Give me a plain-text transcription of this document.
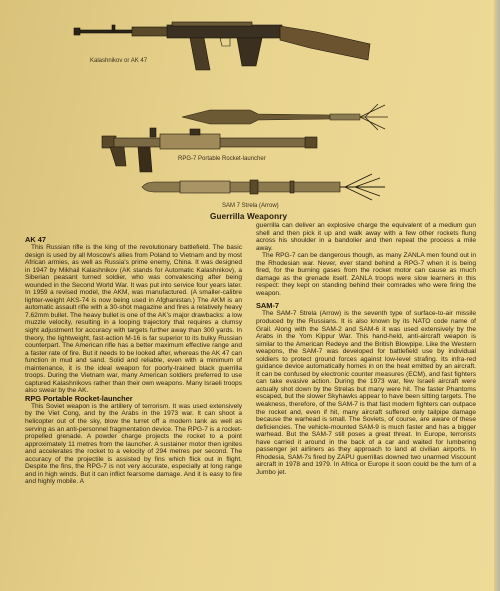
Kalashnikov or AK 47
RPG-7 Portable Rocket-launcher
SAM 7 Strela (Arrow)
Guerrilla Weaponry
AK 47

This Russian rifle is the king of the revolutionary battlefield. The basic design is used by all Moscow's allies from Poland to Vietnam and by most African armies, as well as Russia's prime enemy, China. It was designed in 1947 by Mikhail Kalashnikov (AK stands for Automatic Kalashnikov), a Siberian peasant turned soldier, who was convalescing after being wounded in the Second World War. It was put into service four years later. In 1959 a revised model, the AKM, was manufactured. (A smaller-calibre lighter-weight AKS-74 is now being used in Afghanistan.) The AKM is an automatic assault rifle with a 30-shot magazine and fires a relatively heavy 7.62mm bullet. The heavy bullet is one of the AK's major drawbacks: a low muzzle velocity, resulting in a looping trajectory that requires a clumsy sight adjustment for accuracy with targets further away than 300 yards. In theory, the lightweight, fast-action M-16 is far superior to its bulky Russian counterpart. The American rifle has a better maximum effective range and a faster rate of fire. But it needs to be looked after, whereas the AK 47 can function in mud and sand. Solid and reliable, even with a minimum of maintenance, it is the ideal weapon for poorly-trained black guerrilla troops. During the Vietnam war, many American soldiers preferred to use captured Kalashnikovs rather than their own weapons. Many Israeli troops also swear by the AK.

RPG Portable Rocket-launcher

This Soviet weapon is the artillery of terrorism. It was used extensively by the Viet Cong, and by the Arabs in the 1973 war. It can shoot a helicopter out of the sky, blow the turret off a modern tank as well as serving as an anti-personnel fragmentation device. The RPG-7 is a rocket-propelled grenade. A powder charge projects the rocket to a point approximately 11 metres from the launcher. A sustainer motor then ignites and accelerates the rocket to a velocity of 294 metres per second. The accuracy of the projectile is assisted by fins which flick out in flight. Despite the fins, the RPG-7 is not very accurate, especially at long range and in high winds. But it can inflict fearsome damage. And it is easy to fire and highly mobile. A

guerrilla can deliver an explosive charge the equivalent of a medium gun shell and then pick it up and walk away with a few other rockets flung across his shoulder in a bandolier and then repeat the process a mile away.

The RPG-7 can be dangerous though, as many ZANLA men found out in the Rhodesian war. Never, ever stand behind a RPG-7 when it is being fired, for the burning gases from the rocket motor can cause as much damage as the grenade itself. ZANLA troops were slow learners in this respect: they kept on standing behind their comrades who were firing the weapon.

SAM-7

The SAM-7 Strela (Arrow) is the seventh type of surface-to-air missile produced by the Russians. It is also known by its NATO code name of Grail. Along with the SAM-2 and SAM-6 it was used extensively by the Arabs in the Yom Kippur War. This hand-held, anti-aircraft weapon is similar to the American Redeye and the British Blowpipe. Like the Western weapons, the SAM-7 was developed for battlefield use by individual soldiers to protect ground forces against low-level strafing. Its infra-red guidance device automatically homes in on the heat emitted by an aircraft. It can be confused by electronic counter measures (ECM), and fast fighters can take evasive action. During the 1973 war, few Israeli aircraft were actually shot down by the Strelas but many were hit. The faster Phantoms escaped, but the slower Skyhawks appear to have been sitting targets. The weakness, therefore, of the SAM-7 is that fast modern fighters can outpace the rocket and, even if hit, many aircraft suffered only tailpipe damage because the warhead is small. The Soviets, of course, are aware of these deficiencies. The vehicle-mounted SAM-9 is much faster and has a bigger warhead. But the SAM-7 still poses a great threat. In Europe, terrorists have carried it around in the back of a car and waited for lumbering passenger jet airliners as they approach to land at civilian airports. In Rhodesia, SAM-7s fired by ZAPU guerrillas downed two unarmed Viscount aircraft in 1978 and 1979. In Africa or Europe it soon could be the turn of a Jumbo jet.
